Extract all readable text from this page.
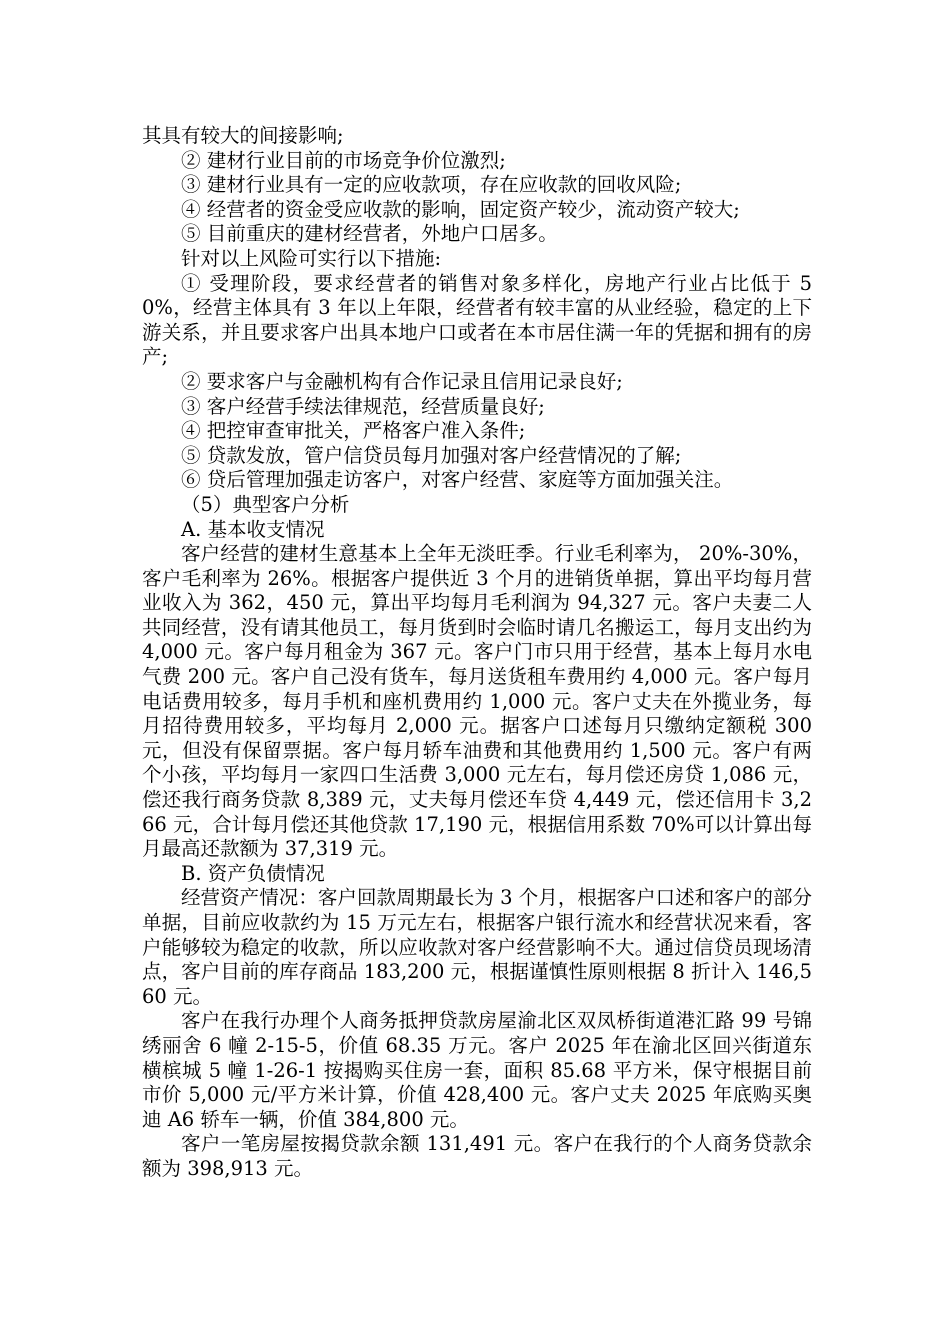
其具有较大的间接影响;

② 建材行业目前的市场竞争价位激烈;

③ 建材行业具有一定的应收款项，存在应收款的回收风险;

④ 经营者的资金受应收款的影响，固定资产较少，流动资产较大;

⑤ 目前重庆的建材经营者，外地户口居多。

针对以上风险可实行以下措施:

① 受理阶段，要求经营者的销售对象多样化，房地产行业占比低于 50%，经营主体具有 3 年以上年限，经营者有较丰富的从业经验，稳定的上下游关系，并且要求客户出具本地户口或者在本市居住满一年的凭据和拥有的房产;

② 要求客户与金融机构有合作记录且信用记录良好;

③ 客户经营手续法律规范，经营质量良好;

④ 把控审查审批关，严格客户准入条件;

⑤ 贷款发放，管户信贷员每月加强对客户经营情况的了解;

⑥ 贷后管理加强走访客户，对客户经营、家庭等方面加强关注。

（5）典型客户分析

A. 基本收支情况

客户经营的建材生意基本上全年无淡旺季。行业毛利率为， 20%-30%，客户毛利率为 26%。根据客户提供近 3 个月的进销货单据，算出平均每月营业收入为 362，450 元，算出平均每月毛利润为 94,327 元。客户夫妻二人共同经营，没有请其他员工，每月货到时会临时请几名搬运工，每月支出约为 4,000 元。客户每月租金为 367 元。客户门市只用于经营，基本上每月水电气费 200 元。客户自己没有货车，每月送货租车费用约 4,000 元。客户每月电话费用较多，每月手机和座机费用约 1,000 元。客户丈夫在外揽业务，每月招待费用较多，平均每月 2,000 元。据客户口述每月只缴纳定额税 300 元，但没有保留票据。客户每月轿车油费和其他费用约 1,500 元。客户有两个小孩，平均每月一家四口生活费 3,000 元左右，每月偿还房贷 1,086 元，偿还我行商务贷款 8,389 元，丈夫每月偿还车贷 4,449 元，偿还信用卡 3,266 元，合计每月偿还其他贷款 17,190 元，根据信用系数 70%可以计算出每月最高还款额为 37,319 元。

B. 资产负债情况

经营资产情况：客户回款周期最长为 3 个月，根据客户口述和客户的部分单据，目前应收款约为 15 万元左右，根据客户银行流水和经营状况来看，客户能够较为稳定的收款，所以应收款对客户经营影响不大。通过信贷员现场清点，客户目前的库存商品 183,200 元，根据谨慎性原则根据 8 折计入 146,560 元。

客户在我行办理个人商务抵押贷款房屋渝北区双凤桥街道港汇路 99 号锦绣丽舍 6 幢 2-15-5，价值 68.35 万元。客户 2025 年在渝北区回兴街道东横槟城 5 幢 1-26-1 按揭购买住房一套，面积 85.68 平方米，保守根据目前市价 5,000 元/平方米计算，价值 428,400 元。客户丈夫 2025 年底购买奥迪 A6 轿车一辆，价值 384,800 元。

客户一笔房屋按揭贷款余额 131,491 元。客户在我行的个人商务贷款余额为 398,913 元。
